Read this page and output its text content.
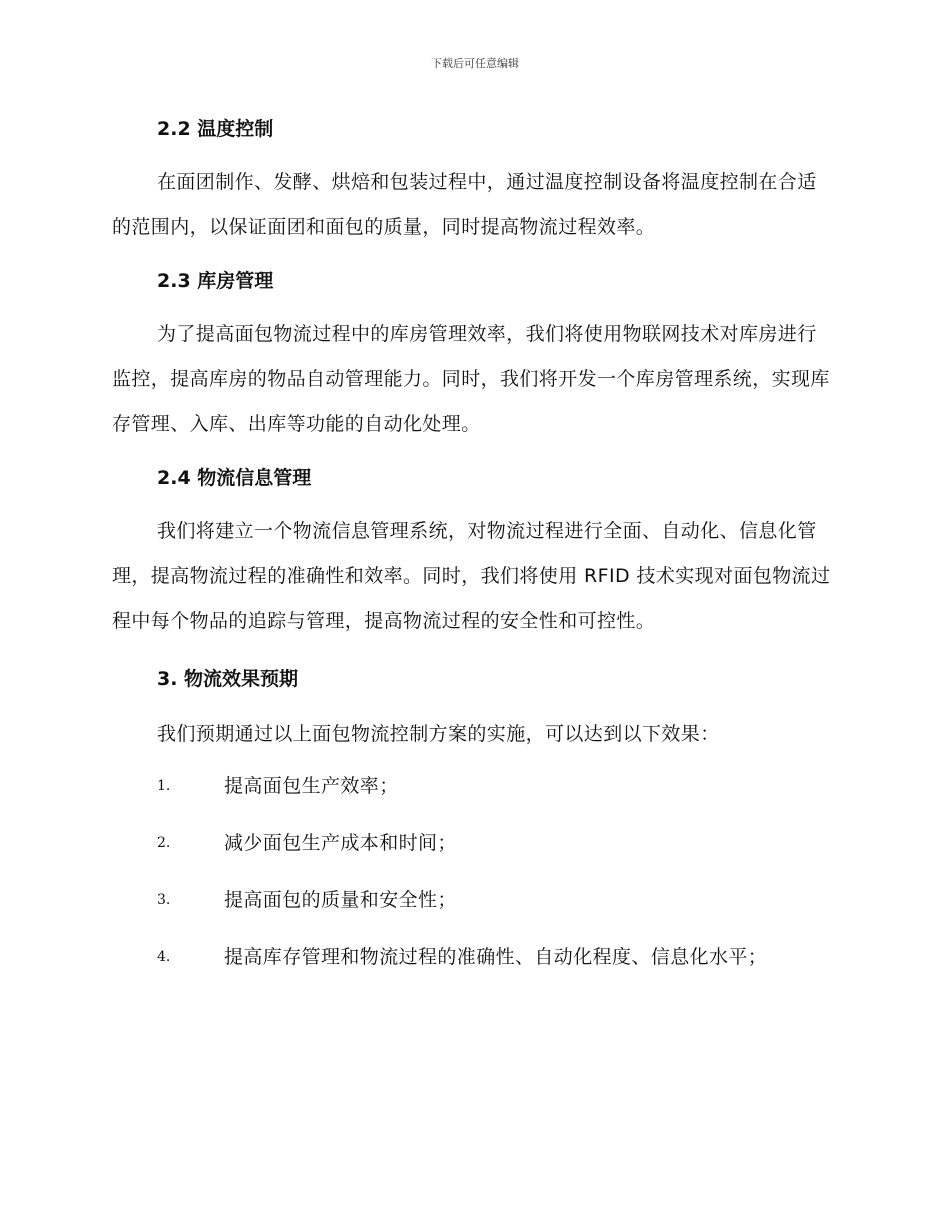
下载后可任意编辑
2.2 温度控制

在面团制作、发酵、烘焙和包装过程中，通过温度控制设备将温度控制在合适的范围内，以保证面团和面包的质量，同时提高物流过程效率。

2.3 库房管理

为了提高面包物流过程中的库房管理效率，我们将使用物联网技术对库房进行监控，提高库房的物品自动管理能力。同时，我们将开发一个库房管理系统，实现库存管理、入库、出库等功能的自动化处理。

2.4 物流信息管理

我们将建立一个物流信息管理系统，对物流过程进行全面、自动化、信息化管理，提高物流过程的准确性和效率。同时，我们将使用 RFID 技术实现对面包物流过程中每个物品的追踪与管理，提高物流过程的安全性和可控性。

3. 物流效果预期

我们预期通过以上面包物流控制方案的实施，可以达到以下效果：

1.	提高面包生产效率；
2.	减少面包生产成本和时间；
3.	提高面包的质量和安全性；
4.	提高库存管理和物流过程的准确性、自动化程度、信息化水平；
